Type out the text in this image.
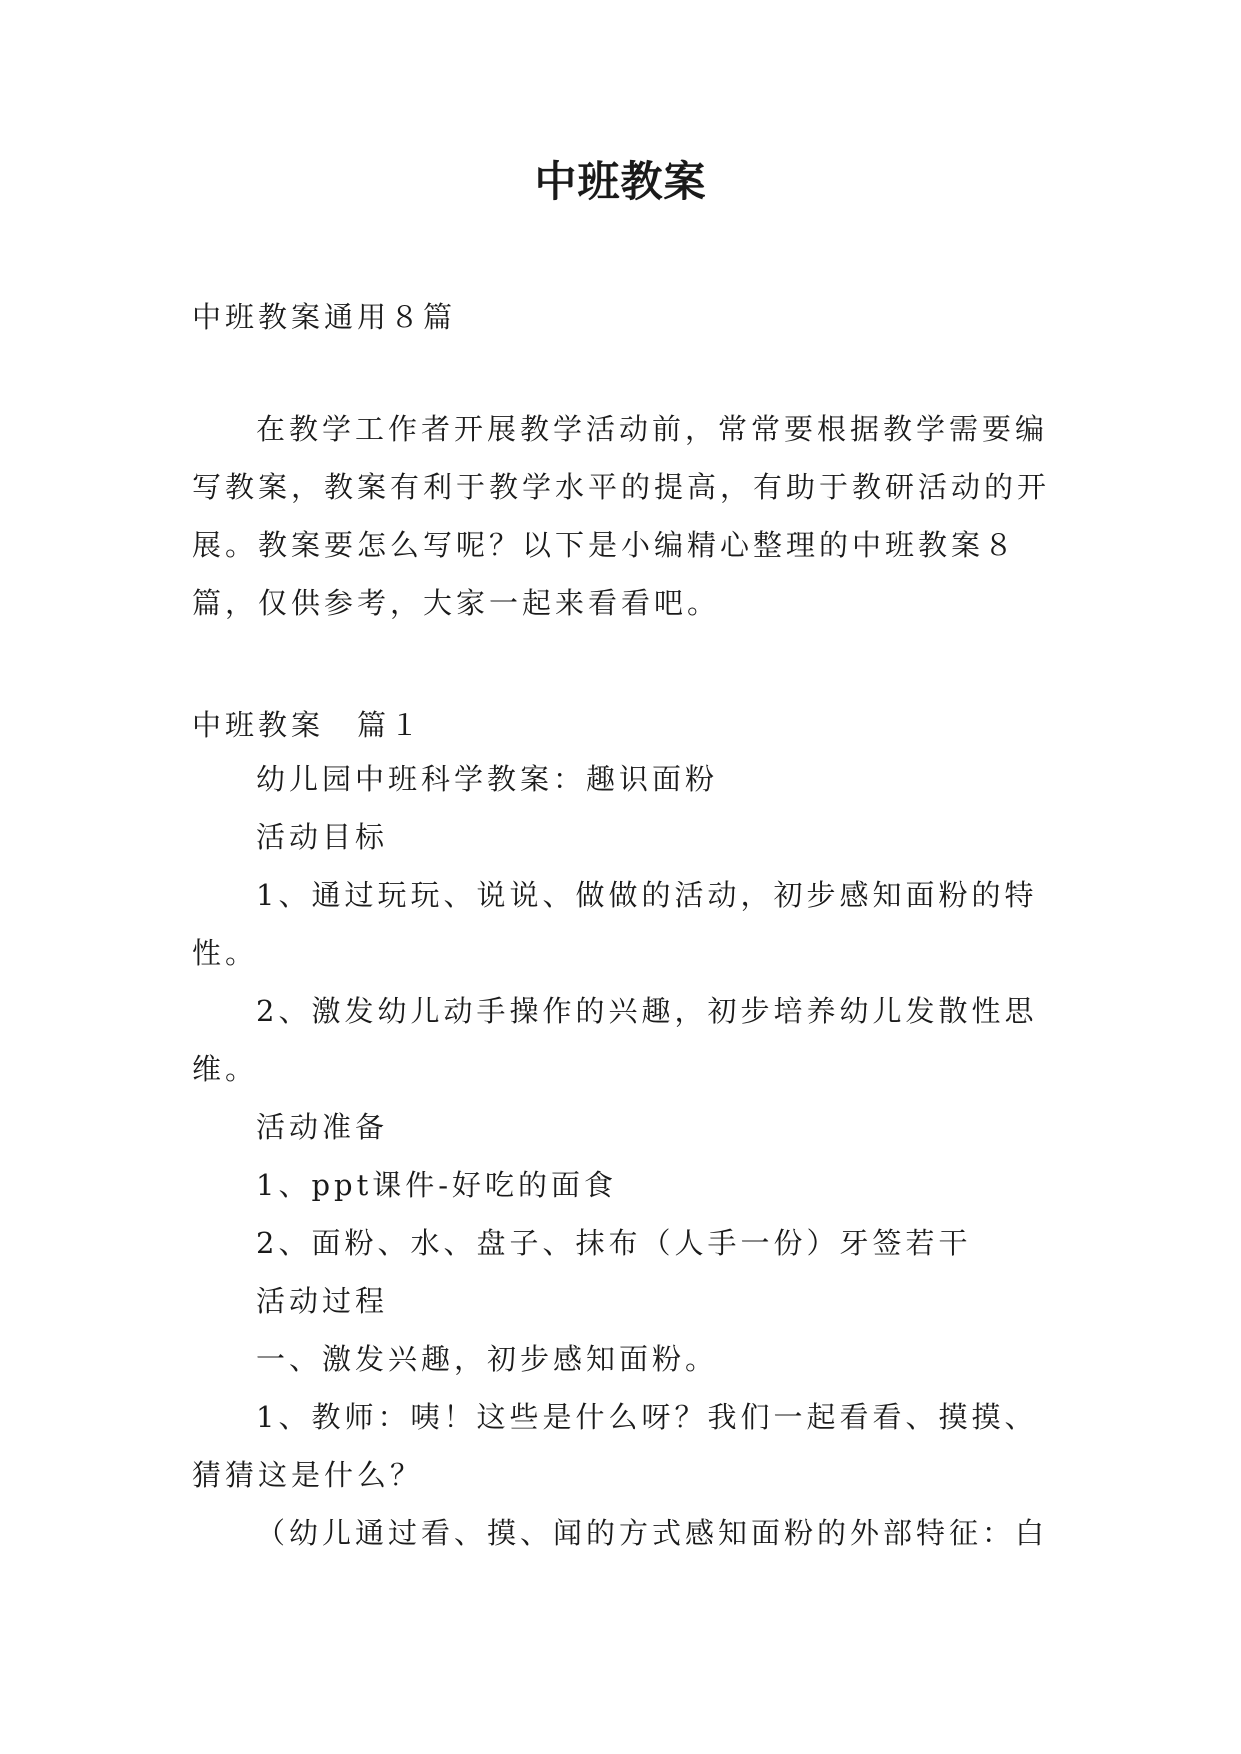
中班教案

中班教案通用８篇

在教学工作者开展教学活动前，常常要根据教学需要编写教案，教案有利于教学水平的提高，有助于教研活动的开展。教案要怎么写呢？以下是小编精心整理的中班教案８篇，仅供参考，大家一起来看看吧。

中班教案　篇１

幼儿园中班科学教案：趣识面粉

活动目标

1、通过玩玩、说说、做做的活动，初步感知面粉的特性。

2、激发幼儿动手操作的兴趣，初步培养幼儿发散性思维。

活动准备

1、ppt课件-好吃的面食

2、面粉、水、盘子、抹布（人手一份）牙签若干

活动过程

一、激发兴趣，初步感知面粉。

1、教师：咦！这些是什么呀？我们一起看看、摸摸、猜猜这是什么？

（幼儿通过看、摸、闻的方式感知面粉的外部特征：白
